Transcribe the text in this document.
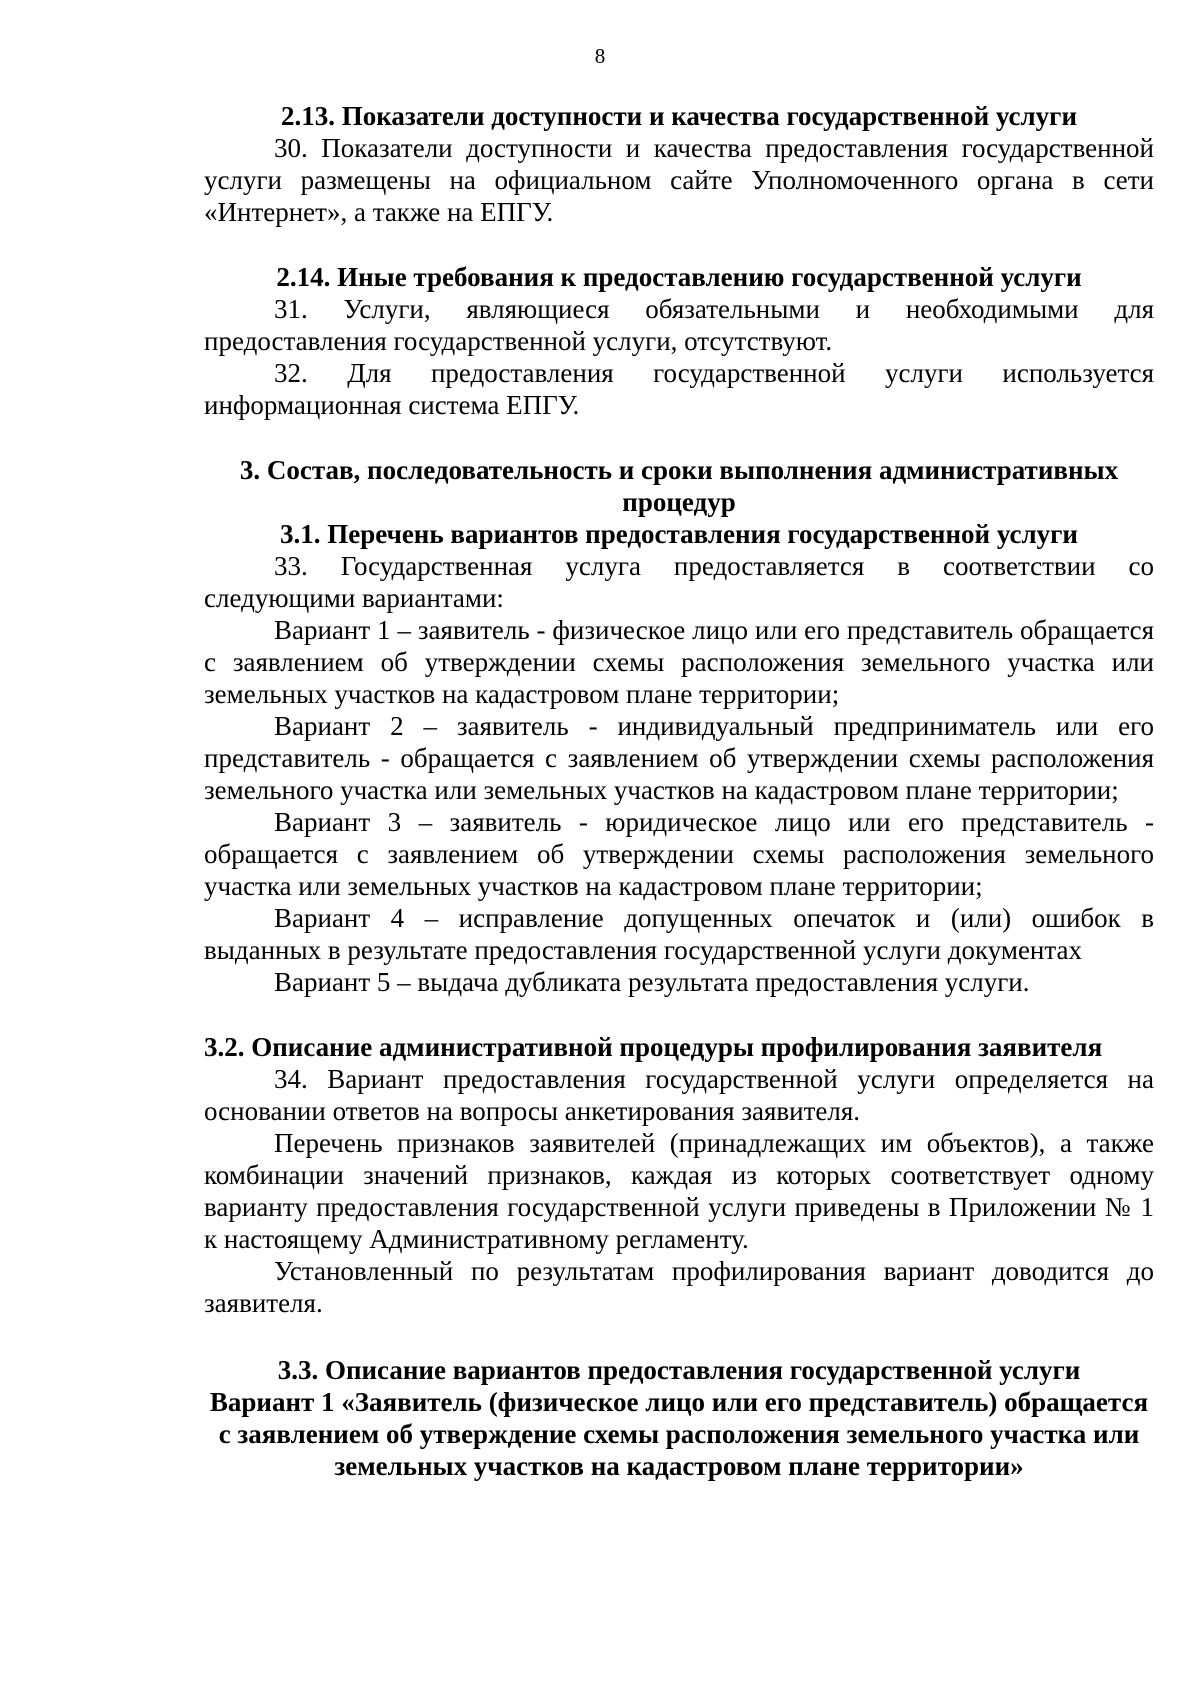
8

2.13. Показатели доступности и качества государственной услуги

30. Показатели доступности и качества предоставления государственной услуги размещены на официальном сайте Уполномоченного органа в сети «Интернет», а также на ЕПГУ.

2.14. Иные требования к предоставлению государственной услуги

31. Услуги, являющиеся обязательными и необходимыми для предоставления государственной услуги, отсутствуют.

32. Для предоставления государственной услуги используется информационная система ЕПГУ.

3. Состав, последовательность и сроки выполнения административных процедур

3.1. Перечень вариантов предоставления государственной услуги

33. Государственная услуга предоставляется в соответствии со следующими вариантами:

Вариант 1 – заявитель - физическое лицо или его представитель обращается с заявлением об утверждении схемы расположения земельного участка или земельных участков на кадастровом плане территории;

Вариант 2 – заявитель - индивидуальный предприниматель или его представитель - обращается с заявлением об утверждении схемы расположения земельного участка или земельных участков на кадастровом плане территории;

Вариант 3 – заявитель - юридическое лицо или его представитель - обращается с заявлением об утверждении схемы расположения земельного участка или земельных участков на кадастровом плане территории;

Вариант 4 – исправление допущенных опечаток и (или) ошибок в выданных в результате предоставления государственной услуги документах

Вариант 5 – выдача дубликата результата предоставления услуги.

3.2. Описание административной процедуры профилирования заявителя

34. Вариант предоставления государственной услуги определяется на основании ответов на вопросы анкетирования заявителя.

Перечень признаков заявителей (принадлежащих им объектов), а также комбинации значений признаков, каждая из которых соответствует одному варианту предоставления государственной услуги приведены в Приложении № 1 к настоящему Административному регламенту.

Установленный по результатам профилирования вариант доводится до заявителя.

3.3. Описание вариантов предоставления государственной услуги

Вариант 1 «Заявитель (физическое лицо или его представитель) обращается с заявлением об утверждение схемы расположения земельного участка или земельных участков на кадастровом плане территории»
